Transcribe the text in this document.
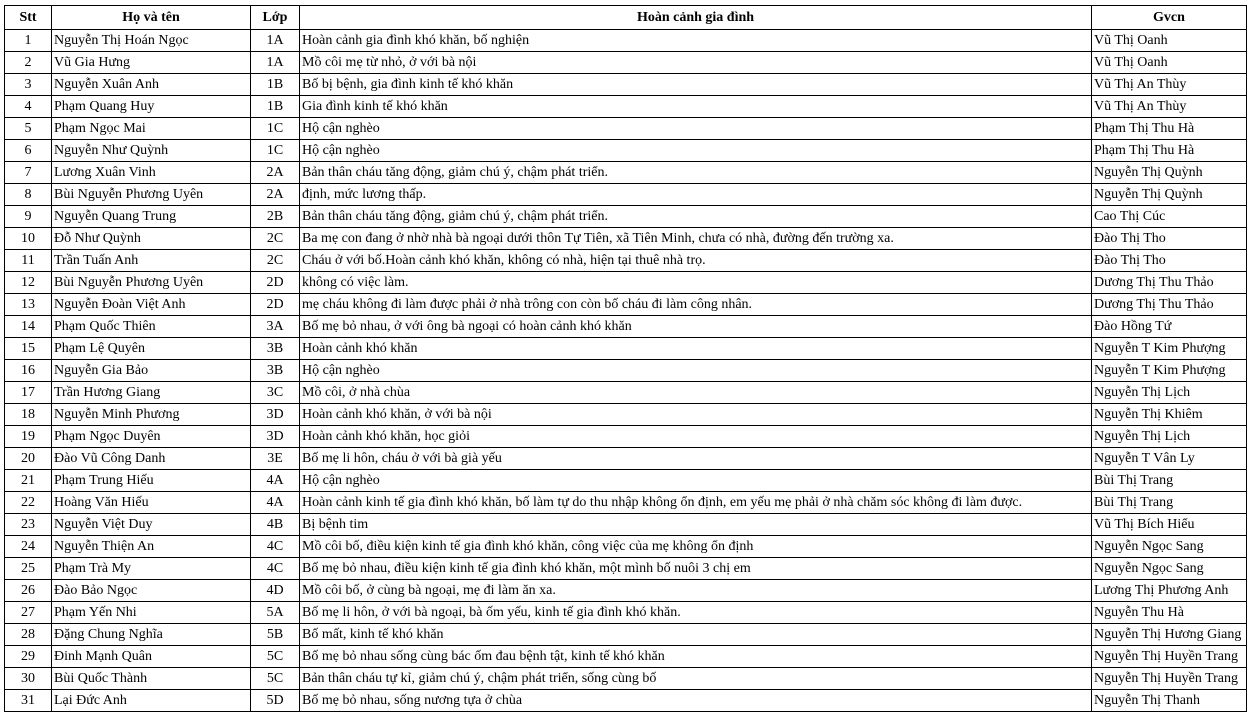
Stt	Họ và tên	Lớp	Hoàn cảnh gia đình	Gvcn
1	Nguyễn Thị Hoán Ngọc	1A	Hoàn cảnh gia đình khó khăn, bố nghiện	Vũ Thị Oanh
2	Vũ Gia Hưng	1A	Mồ côi mẹ từ nhỏ, ở với bà nội	Vũ Thị Oanh
3	Nguyễn Xuân Anh	1B	Bố bị bệnh, gia đình kinh tế khó khăn	Vũ Thị An Thùy
4	Phạm Quang Huy	1B	Gia đình kinh tế khó khăn	Vũ Thị An Thùy
5	Phạm Ngọc Mai	1C	Hộ cận nghèo	Phạm Thị Thu Hà
6	Nguyễn Như Quỳnh	1C	Hộ cận nghèo	Phạm Thị Thu Hà
7	Lương Xuân Vinh	2A	Bản thân cháu tăng động, giảm chú ý, chậm phát triển.	Nguyễn Thị Quỳnh
8	Bùi Nguyễn Phương Uyên	2A	định, mức lương thấp.	Nguyễn Thị Quỳnh
9	Nguyễn Quang Trung	2B	Bản thân cháu tăng động, giảm chú ý, chậm phát triển.	Cao Thị Cúc
10	Đỗ Như Quỳnh	2C	Ba mẹ con đang ở nhờ nhà bà ngoại dưới thôn Tự Tiên, xã Tiên Minh, chưa có nhà, đường đến trường xa.	Đào Thị Tho
11	Trần Tuấn Anh	2C	Cháu ở với bố.Hoàn cảnh khó khăn, không có nhà, hiện tại thuê nhà trọ.	Đào Thị Tho
12	Bùi Nguyễn Phương Uyên	2D	không có việc làm.	Dương Thị Thu Thảo
13	Nguyễn Đoàn Việt Anh	2D	mẹ cháu không đi làm được phải ở nhà trông con còn bố cháu đi làm công nhân.	Dương Thị Thu Thảo
14	Phạm Quốc Thiên	3A	Bố mẹ bỏ nhau, ở với ông bà ngoại có hoàn cảnh khó khăn	Đào Hồng Tứ
15	Phạm Lệ Quyên	3B	Hoàn cảnh khó khăn	Nguyễn T Kim Phượng
16	Nguyễn Gia Bảo	3B	Hộ cận nghèo	Nguyễn T Kim Phượng
17	Trần Hương Giang	3C	Mồ côi, ở nhà chùa	Nguyễn Thị Lịch
18	Nguyễn Minh Phương	3D	Hoàn cảnh khó khăn, ở với bà nội	Nguyễn Thị Khiêm
19	Phạm Ngọc Duyên	3D	Hoàn cảnh khó khăn, học giỏi	Nguyễn Thị Lịch
20	Đào Vũ Công Danh	3E	Bố mẹ li hôn, cháu ở với bà già yếu	Nguyễn T Vân Ly
21	Phạm Trung Hiếu	4A	Hộ cận nghèo	Bùi Thị Trang
22	Hoàng Văn Hiếu	4A	Hoàn cảnh kinh tế gia đình khó khăn, bố làm tự do thu nhập không ổn định, em yếu mẹ phải ở nhà chăm sóc không đi làm được.	Bùi Thị Trang
23	Nguyễn Việt Duy	4B	Bị bệnh tim	Vũ Thị Bích Hiểu
24	Nguyễn Thiện An	4C	Mồ côi bố, điều kiện kinh tế gia đình khó khăn, công việc của mẹ không ổn định	Nguyễn Ngọc Sang
25	Phạm Trà My	4C	Bố mẹ bỏ nhau, điều kiện kinh tế gia đình khó khăn, một mình bố nuôi 3 chị em	Nguyễn Ngọc Sang
26	Đào Bảo Ngọc	4D	Mồ côi bố, ở cùng bà ngoại, mẹ đi làm ăn xa.	Lương Thị Phương Anh
27	Phạm Yến Nhi	5A	Bố mẹ li hôn, ở với bà ngoại, bà ốm yếu, kinh tế gia đình khó khăn.	Nguyễn Thu Hà
28	Đặng Chung Nghĩa	5B	Bố mất, kinh tế khó khăn	Nguyễn Thị Hương Giang
29	Đinh Mạnh Quân	5C	Bố mẹ bỏ nhau sống cùng bác ốm đau bệnh tật, kinh tế khó khăn	Nguyễn Thị Huyền Trang
30	Bùi Quốc Thành	5C	Bản thân cháu tự kỉ, giảm chú ý, chậm phát triển, sống cùng bố	Nguyễn Thị Huyền Trang
31	Lại Đức Anh	5D	Bố mẹ bỏ nhau, sống nương tựa ở chùa	Nguyễn Thị Thanh
